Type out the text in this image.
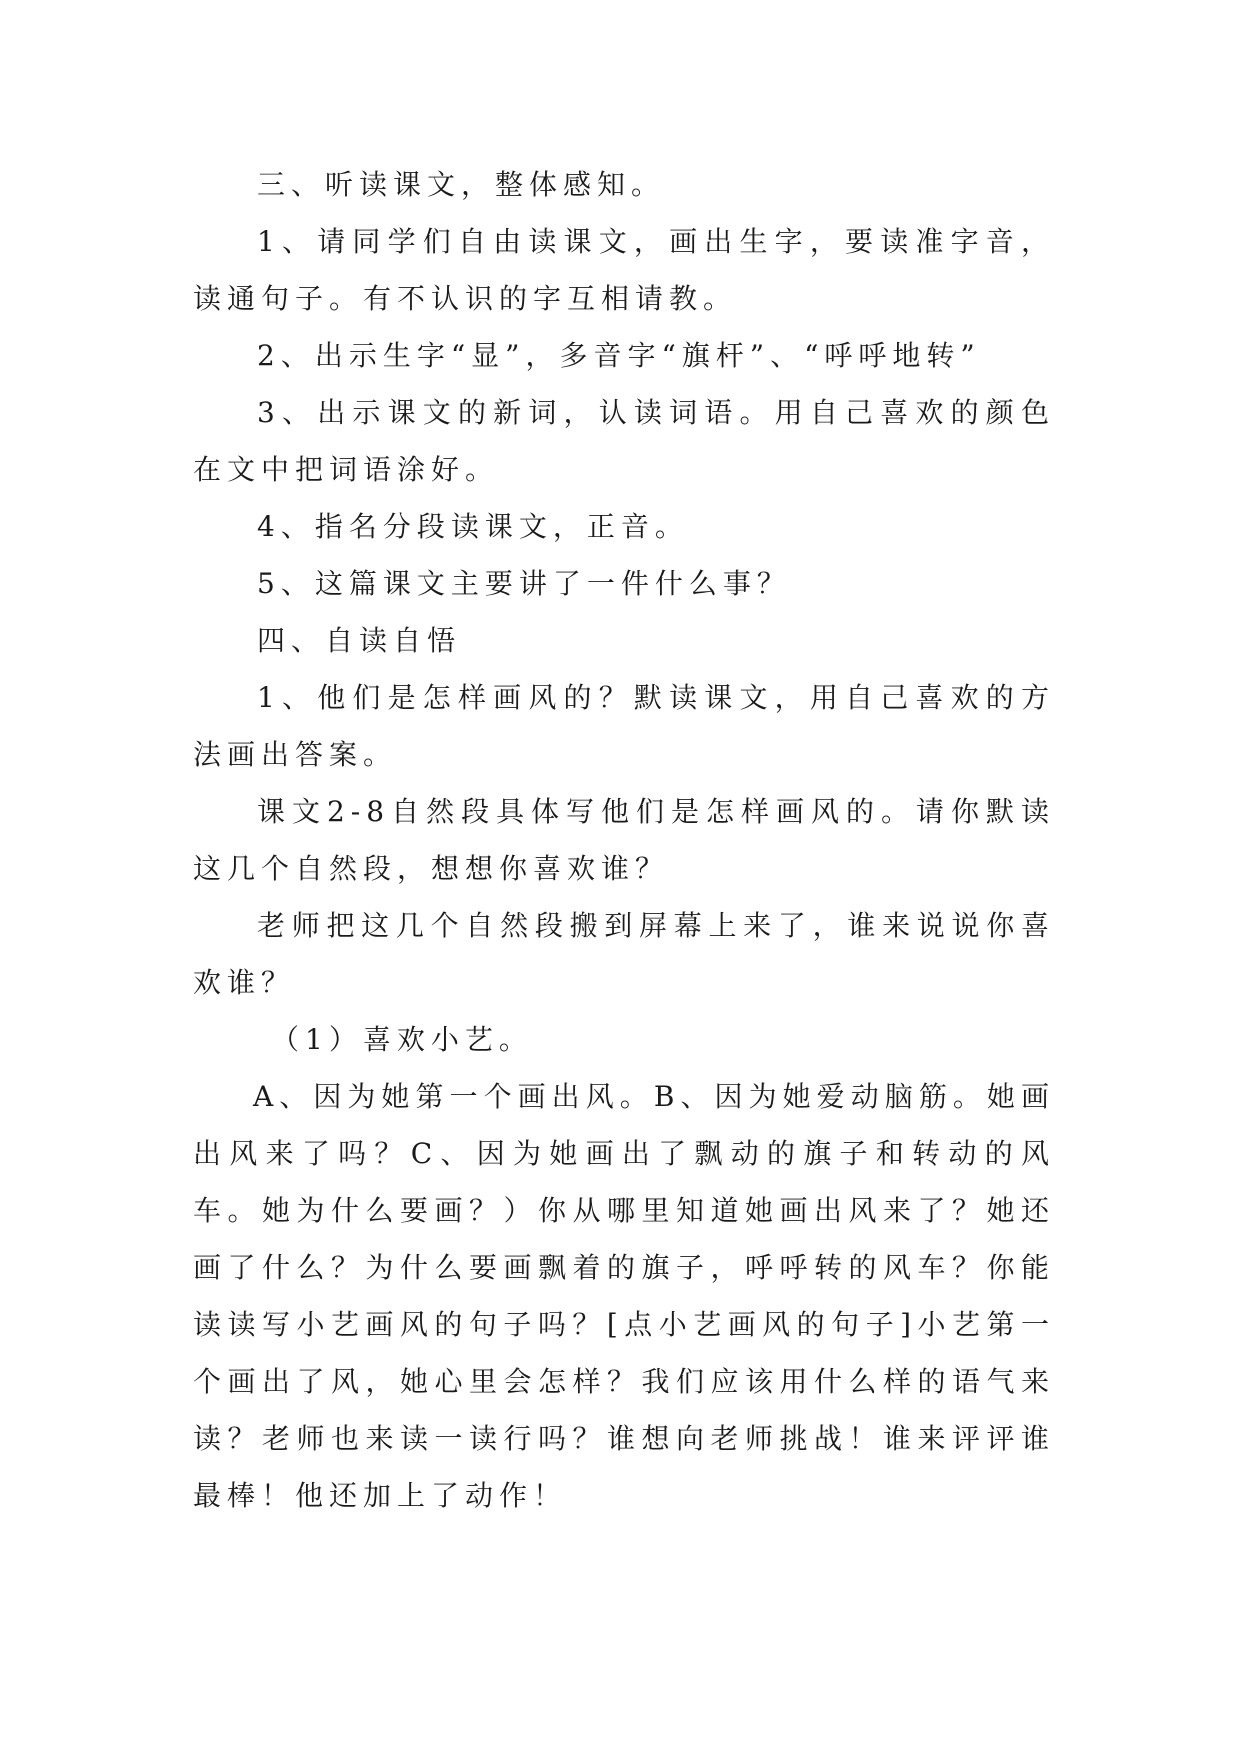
三、听读课文，整体感知。

1、请同学们自由读课文，画出生字，要读准字音，读通句子。有不认识的字互相请教。

2、出示生字“显”，多音字“旗杆”、“呼呼地转”

3、出示课文的新词，认读词语。用自己喜欢的颜色在文中把词语涂好。

4、指名分段读课文，正音。

5、这篇课文主要讲了一件什么事？

四、自读自悟

1、他们是怎样画风的？默读课文，用自己喜欢的方法画出答案。

课文2-8自然段具体写他们是怎样画风的。请你默读这几个自然段，想想你喜欢谁？

老师把这几个自然段搬到屏幕上来了，谁来说说你喜欢谁？

（1）喜欢小艺。

A、因为她第一个画出风。B、因为她爱动脑筋。她画出风来了吗？C、因为她画出了飘动的旗子和转动的风车。她为什么要画？）你从哪里知道她画出风来了？她还画了什么？为什么要画飘着的旗子，呼呼转的风车？你能读读写小艺画风的句子吗？[点小艺画风的句子]小艺第一个画出了风，她心里会怎样？我们应该用什么样的语气来读？老师也来读一读行吗？谁想向老师挑战！谁来评评谁最棒！他还加上了动作！
